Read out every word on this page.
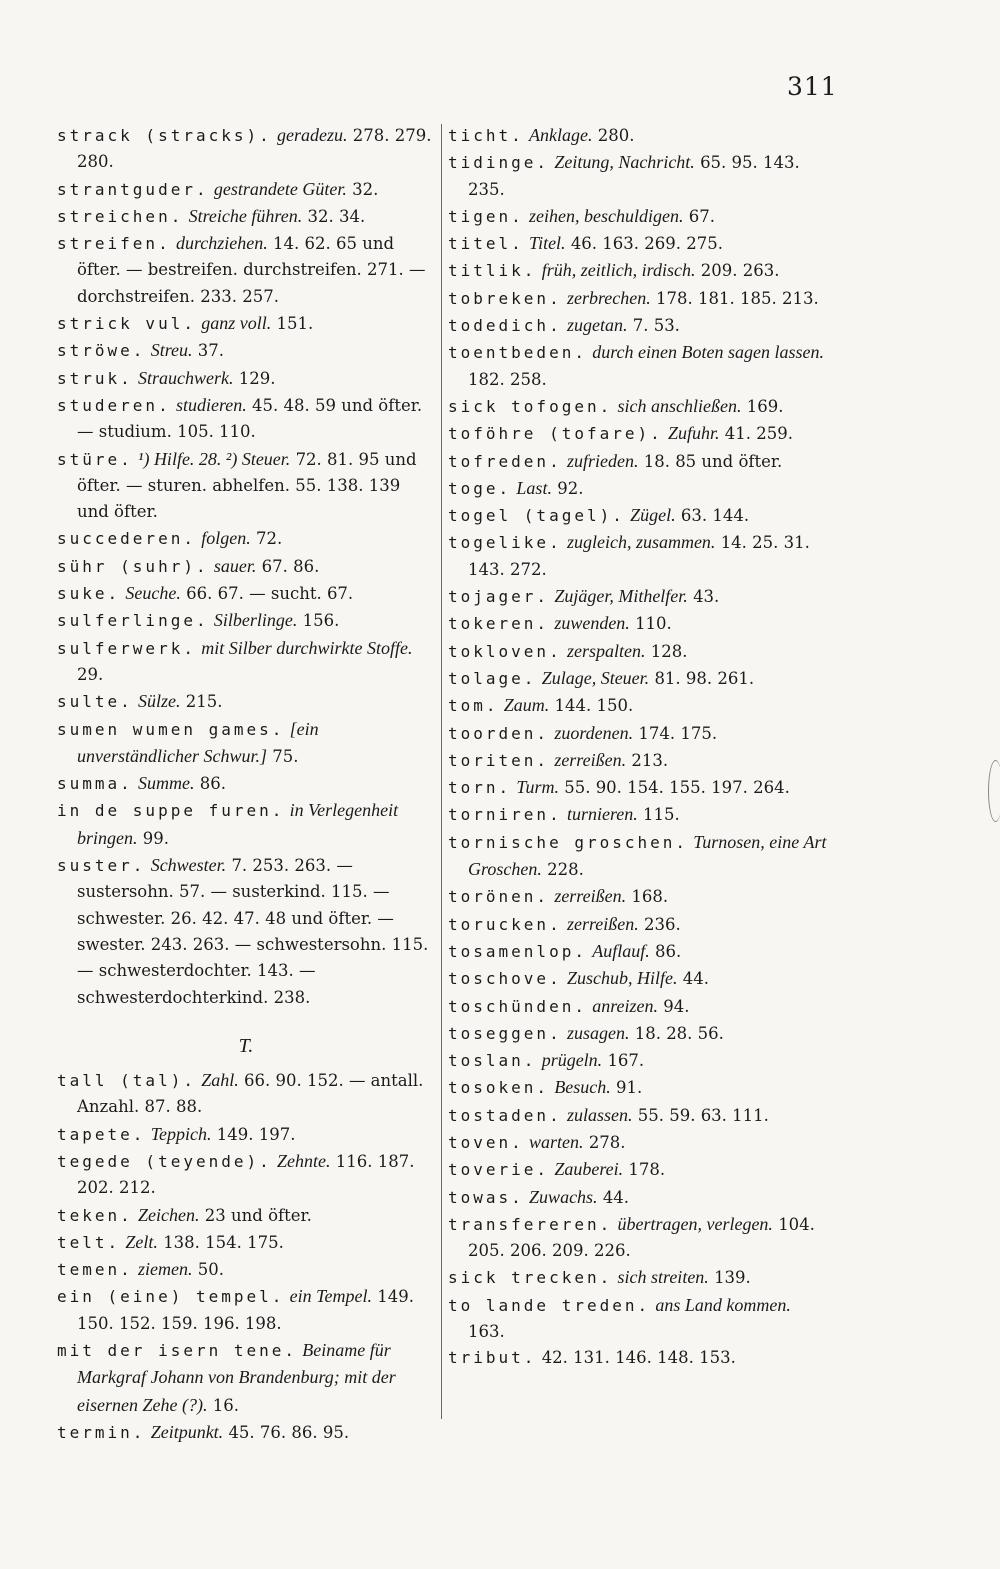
311

strack (stracks). geradezu. 278. 279. 280.

strantguder. gestrandete Güter. 32.

streichen. Streiche führen. 32. 34.

streifen. durchziehen. 14. 62. 65 und öfter. — bestreifen. durchstreifen. 271. — dorchstreifen. 233. 257.

strick vul. ganz voll. 151.

ströwe. Streu. 37.

struk. Strauchwerk. 129.

studeren. studieren. 45. 48. 59 und öfter. — studium. 105. 110.

stüre. ¹) Hilfe. 28. ²) Steuer. 72. 81. 95 und öfter. — sturen. abhelfen. 55. 138. 139 und öfter.

succederen. folgen. 72.

sühr (suhr). sauer. 67. 86.

suke. Seuche. 66. 67. — sucht. 67.

sulferlinge. Silberlinge. 156.

sulferwerk. mit Silber durchwirkte Stoffe. 29.

sulte. Sülze. 215.

sumen wumen games. [ein unverständlicher Schwur.] 75.

summa. Summe. 86.

in de suppe furen. in Verlegenheit bringen. 99.

suster. Schwester. 7. 253. 263. — sustersohn. 57. — susterkind. 115. — schwester. 26. 42. 47. 48 und öfter. — swester. 243. 263. — schwestersohn. 115. — schwesterdochter. 143. — schwesterdochterkind. 238.

T.

tall (tal). Zahl. 66. 90. 152. — antall. Anzahl. 87. 88.

tapete. Teppich. 149. 197.

tegede (teyende). Zehnte. 116. 187. 202. 212.

teken. Zeichen. 23 und öfter.

telt. Zelt. 138. 154. 175.

temen. ziemen. 50.

ein (eine) tempel. ein Tempel. 149. 150. 152. 159. 196. 198.

mit der isern tene. Beiname für Markgraf Johann von Brandenburg; mit der eisernen Zehe (?). 16.

termin. Zeitpunkt. 45. 76. 86. 95.

ticht. Anklage. 280.

tidinge. Zeitung, Nachricht. 65. 95. 143. 235.

tigen. zeihen, beschuldigen. 67.

titel. Titel. 46. 163. 269. 275.

titlik. früh, zeitlich, irdisch. 209. 263.

tobreken. zerbrechen. 178. 181. 185. 213.

todedich. zugetan. 7. 53.

toentbeden. durch einen Boten sagen lassen. 182. 258.

sick tofogen. sich anschließen. 169.

toföhre (tofare). Zufuhr. 41. 259.

tofreden. zufrieden. 18. 85 und öfter.

toge. Last. 92.

togel (tagel). Zügel. 63. 144.

togelike. zugleich, zusammen. 14. 25. 31. 143. 272.

tojager. Zujäger, Mithelfer. 43.

tokeren. zuwenden. 110.

tokloven. zerspalten. 128.

tolage. Zulage, Steuer. 81. 98. 261.

tom. Zaum. 144. 150.

toorden. zuordenen. 174. 175.

toriten. zerreißen. 213.

torn. Turm. 55. 90. 154. 155. 197. 264.

torniren. turnieren. 115.

tornische groschen. Turnosen, eine Art Groschen. 228.

torönen. zerreißen. 168.

torucken. zerreißen. 236.

tosamenlop. Auflauf. 86.

toschove. Zuschub, Hilfe. 44.

toschünden. anreizen. 94.

toseggen. zusagen. 18. 28. 56.

toslan. prügeln. 167.

tosoken. Besuch. 91.

tostaden. zulassen. 55. 59. 63. 111.

toven. warten. 278.

toverie. Zauberei. 178.

towas. Zuwachs. 44.

transfereren. übertragen, verlegen. 104. 205. 206. 209. 226.

sick trecken. sich streiten. 139.

to lande treden. ans Land kommen. 163.

tribut. 42. 131. 146. 148. 153.
